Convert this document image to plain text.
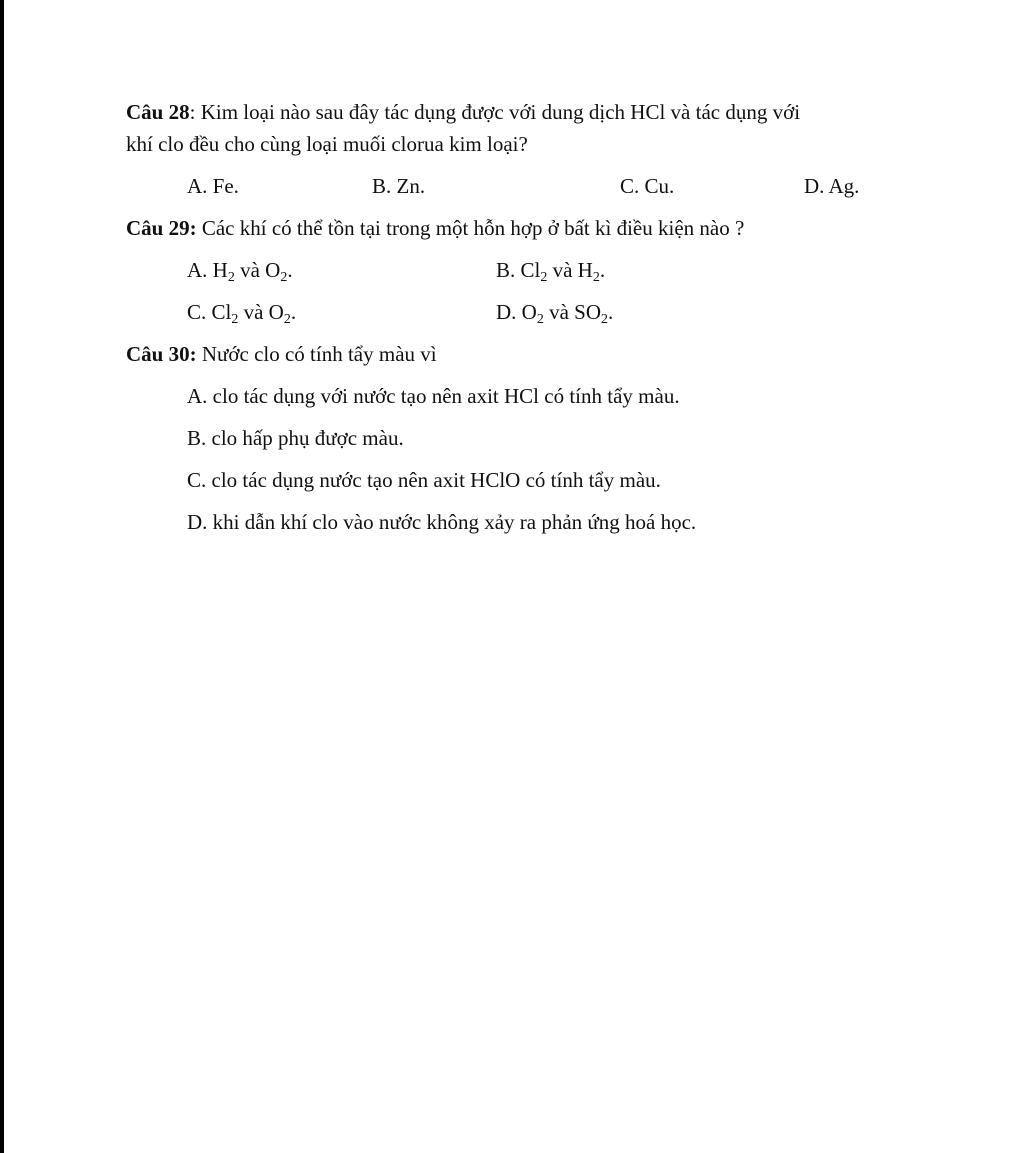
Câu 28: Kim loại nào sau đây tác dụng được với dung dịch HCl và tác dụng với
khí clo đều cho cùng loại muối clorua kim loại?
A. Fe.	B. Zn.	C. Cu.	D. Ag.
Câu 29: Các khí có thể tồn tại trong một hỗn hợp ở bất kì điều kiện nào ?
A. $H_2$ và $O_2$.	B. $Cl_2$ và $H_2$.
C. $Cl_2$ và $O_2$.	D. $O_2$ và $SO_2$.
Câu 30: Nước clo có tính tẩy màu vì
A. clo tác dụng với nước tạo nên axit HCl có tính tẩy màu.
B. clo hấp phụ được màu.
C. clo tác dụng nước tạo nên axit HClO có tính tẩy màu.
D. khi dẫn khí clo vào nước không xảy ra phản ứng hoá học.
